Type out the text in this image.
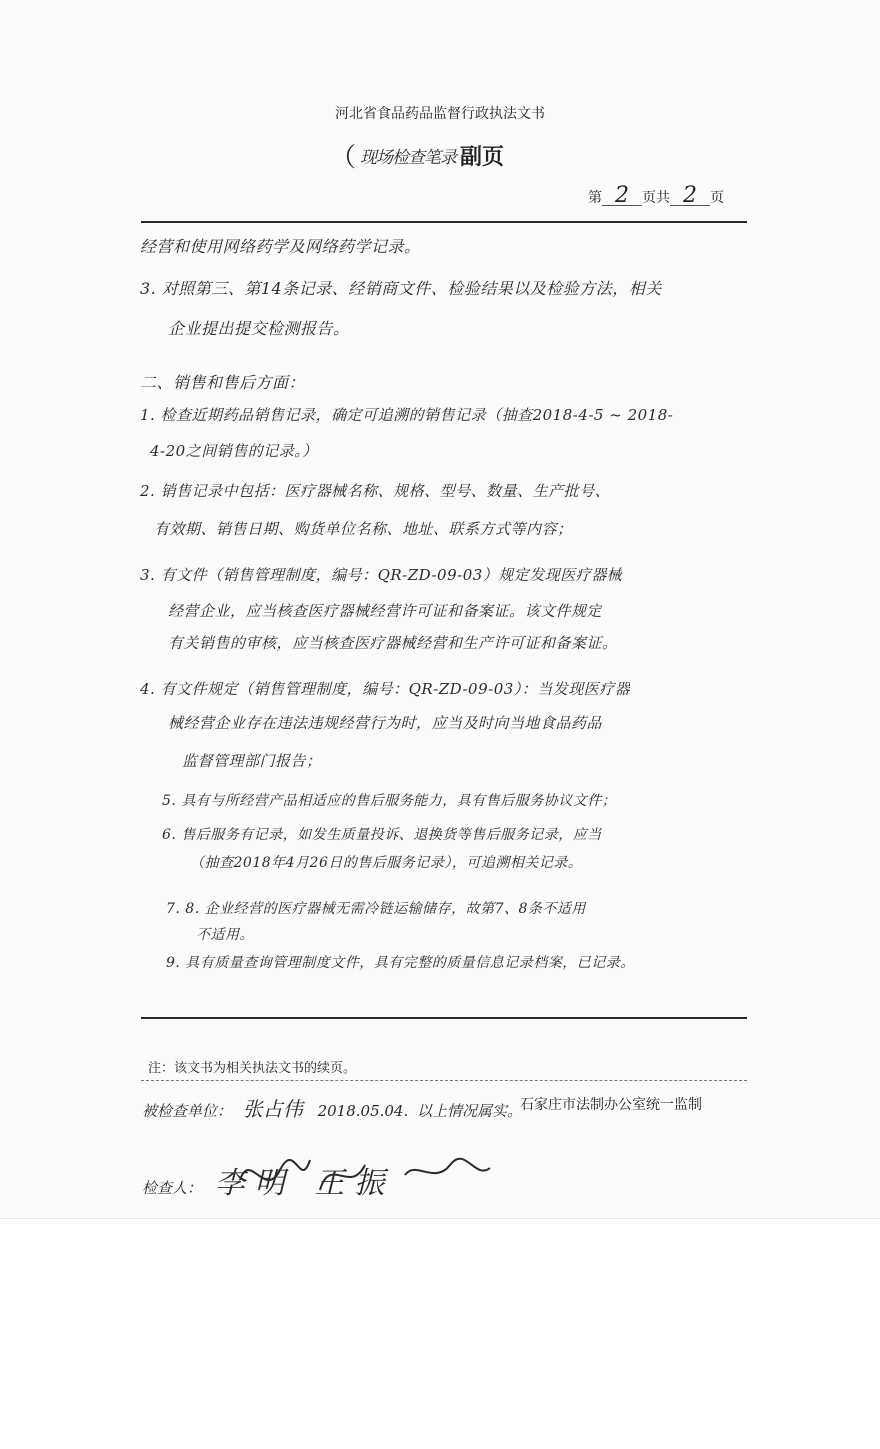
河北省食品药品监督行政执法文书
（ 现场检查笔录 副页
第 2 页共 2 页
经营和使用网络药学及网络药学记录。
3. 对照第三、第14条记录、经销商文件、检验结果以及检验方法，相关
企业提出提交检测报告。
二、销售和售后方面：
1. 检查近期药品销售记录，确定可追溯的销售记录（抽查2018-4-5 ~ 2018-
4-20之间销售的记录。）
2. 销售记录中包括：医疗器械名称、规格、型号、数量、生产批号、
有效期、销售日期、购货单位名称、地址、联系方式等内容；
3. 有文件（销售管理制度，编号：QR-ZD-09-03）规定发现医疗器械
经营企业，应当核查医疗器械经营许可证和备案证。该文件规定
有关销售的审核，应当核查医疗器械经营和生产许可证和备案证。
4. 有文件规定（销售管理制度，编号：QR-ZD-09-03）：当发现医疗器
械经营企业存在违法违规经营行为时，应当及时向当地食品药品
监督管理部门报告；
5. 具有与所经营产品相适应的售后服务能力，具有售后服务协议文件；
6. 售后服务有记录，如发生质量投诉、退换货等售后服务记录，应当
（抽查2018年4月26日的售后服务记录），可追溯相关记录。
7. 8. 企业经营的医疗器械无需冷链运输储存，故第7、8条不适用
不适用。
9. 具有质量查询管理制度文件，具有完整的质量信息记录档案，已记录。
注：该文书为相关执法文书的续页。
石家庄市法制办公室统一监制
被检查单位： 张占伟 2018.05.04. 以上情况属实。
检查人： 李明 王振
